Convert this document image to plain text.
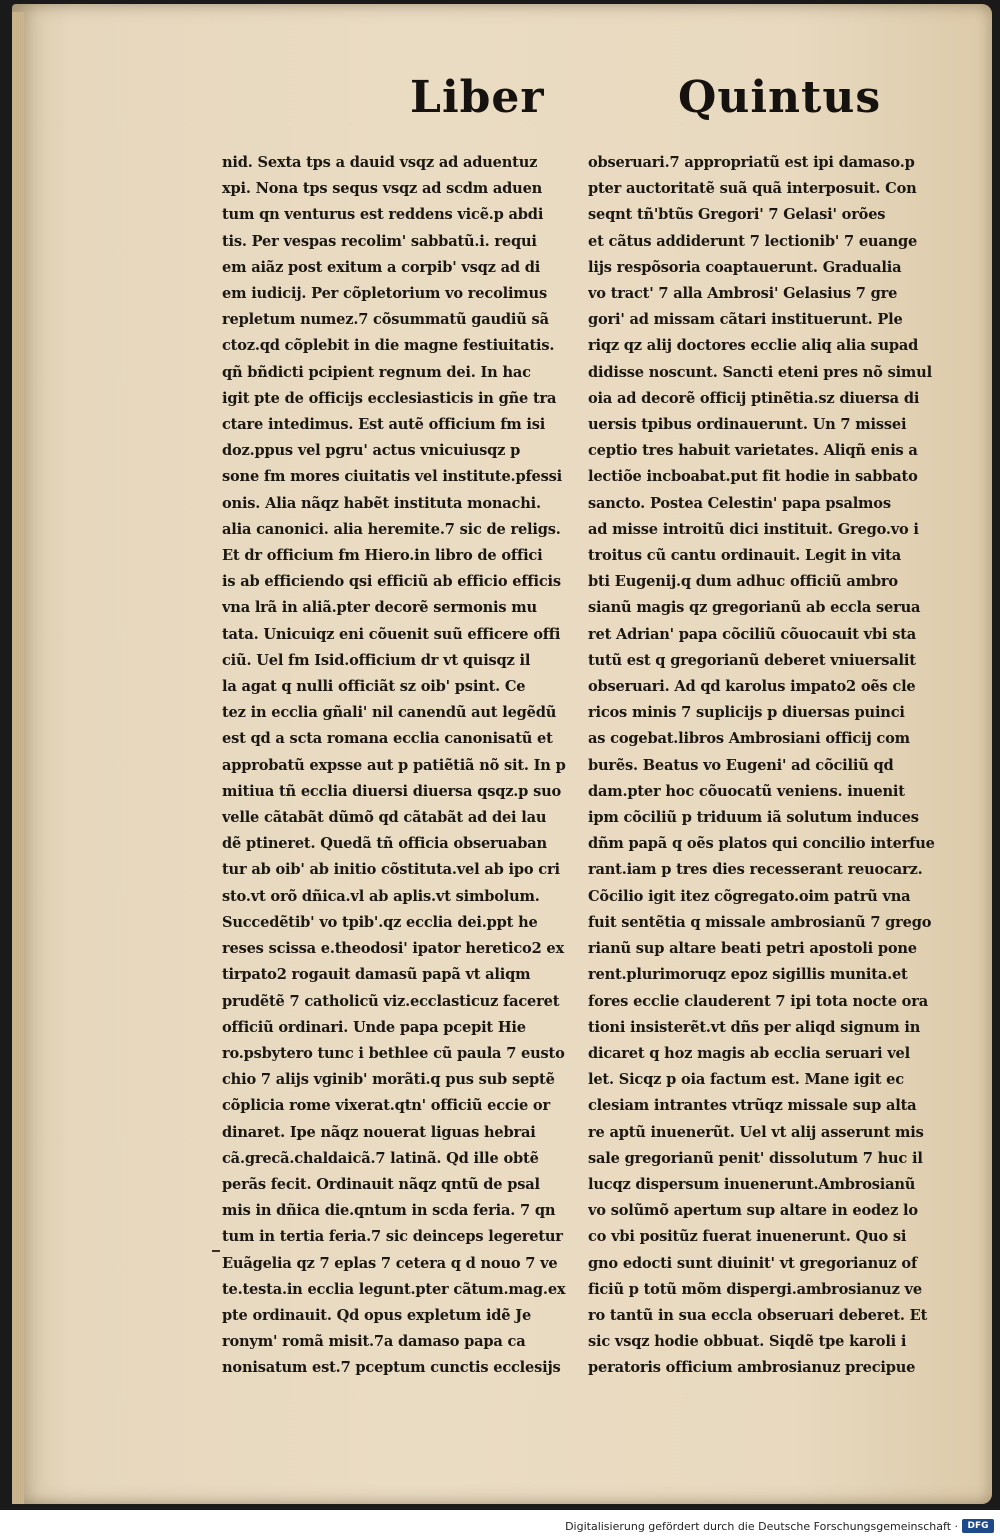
Liber	Quintus
nid. Sexta tps a dauid vsqz ad aduentuz
xpi. Nona tps sequs vsqz ad scdm aduen
tum qn venturus est reddens vicẽ.p abdi
tis. Per vespas recolim' sabbatũ.i. requi
em aiãz post exitum a corpib' vsqz ad di
em iudicij. Per cõpletorium vo recolimus
repletum numez.7 cõsummatũ gaudiũ sã
ctoz.qd cõplebit in die magne festiuitatis.
qñ bñdicti pcipient regnum dei. In hac
igit pte de officijs ecclesiasticis in gñe tra
ctare intedimus. Est autẽ officium fm isi
doz.ppus vel pgru' actus vnicuiusqz p
sone fm mores ciuitatis vel institute.pfessi
onis. Alia nãqz habẽt instituta monachi.
alia canonici. alia heremite.7 sic de religs.
Et dr officium fm Hiero.in libro de offici
is ab efficiendo qsi efficiũ ab efficio efficis
vna lrã in aliã.pter decorẽ sermonis mu
tata. Unicuiqz eni cõuenit suũ efficere offi
ciũ. Uel fm Isid.officium dr vt quisqz il
la agat q nulli officiãt sz oib' psint. Ce
tez in ecclia gñali' nil canendũ aut legẽdũ
est qd a scta romana ecclia canonisatũ et
approbatũ expsse aut p patiẽtiã nõ sit. In p
mitiua tñ ecclia diuersi diuersa qsqz.p suo
velle cãtabãt dũmõ qd cãtabãt ad dei lau
dẽ ptineret. Quedã tñ officia obseruaban
tur ab oib' ab initio cõstituta.vel ab ipo cri
sto.vt orõ dñica.vl ab aplis.vt simbolum.
Succedẽtib' vo tpib'.qz ecclia dei.ppt he
reses scissa e.theodosi' ipator heretico2 ex
tirpato2 rogauit damasũ papã vt aliqm
prudẽtẽ 7 catholicũ viz.ecclasticuz faceret
officiũ ordinari. Unde papa pcepit Hie
ro.psbytero tunc i bethlee cũ paula 7 eusto
chio 7 alijs vginib' morãti.q pus sub septẽ
cõplicia rome vixerat.qtn' officiũ eccie or
dinaret. Ipe nãqz nouerat liguas hebrai
cã.grecã.chaldaicã.7 latinã. Qd ille obtẽ
perãs fecit. Ordinauit nãqz qntũ de psal
mis in dñica die.qntum in scda feria. 7 qn
tum in tertia feria.7 sic deinceps legeretur
Euãgelia qz 7 eplas 7 cetera q d nouo 7 ve
te.testa.in ecclia legunt.pter cãtum.mag.ex
pte ordinauit. Qd opus expletum idẽ Je
ronym' romã misit.7a damaso papa ca
nonisatum est.7 pceptum cunctis ecclesijs
obseruari.7 appropriatũ est ipi damaso.p
pter auctoritatẽ suã quã interposuit. Con
seqnt tñ'btũs Gregori' 7 Gelasi' orões
et cãtus addiderunt 7 lectionib' 7 euange
lijs respõsoria coaptauerunt. Gradualia
vo tract' 7 alla Ambrosi' Gelasius 7 gre
gori' ad missam cãtari instituerunt. Ple
riqz qz alij doctores ecclie aliq alia supad
didisse noscunt. Sancti eteni pres nõ simul
oia ad decorẽ officij ptinẽtia.sz diuersa di
uersis tpibus ordinauerunt. Un 7 missei
ceptio tres habuit varietates. Aliqñ enis a
lectiõe incboabat.put fit hodie in sabbato
sancto. Postea Celestin' papa psalmos
ad misse introitũ dici instituit. Grego.vo i
troitus cũ cantu ordinauit. Legit in vita
bti Eugenij.q dum adhuc officiũ ambro
sianũ magis qz gregorianũ ab eccla serua
ret Adrian' papa cõciliũ cõuocauit vbi sta
tutũ est q gregorianũ deberet vniuersalit
obseruari. Ad qd karolus impato2 oẽs cle
ricos minis 7 suplicijs p diuersas puinci
as cogebat.libros Ambrosiani officij com
burẽs. Beatus vo Eugeni' ad cõciliũ qd
dam.pter hoc cõuocatũ veniens. inuenit
ipm cõciliũ p triduum iã solutum induces
dñm papã q oẽs platos qui concilio interfue
rant.iam p tres dies recesserant reuocarz.
Cõcilio igit itez cõgregato.oim patrũ vna
fuit sentẽtia q missale ambrosianũ 7 grego
rianũ sup altare beati petri apostoli pone
rent.plurimoruqz epoz sigillis munita.et
fores ecclie clauderent 7 ipi tota nocte ora
tioni insisterẽt.vt dñs per aliqd signum in
dicaret q hoz magis ab ecclia seruari vel
let. Sicqz p oia factum est. Mane igit ec
clesiam intrantes vtrũqz missale sup alta
re aptũ inuenerũt. Uel vt alij asserunt mis
sale gregorianũ penit' dissolutum 7 huc il
lucqz dispersum inuenerunt.Ambrosianũ
vo solũmõ apertum sup altare in eodez lo
co vbi positũz fuerat inuenerunt. Quo si
gno edocti sunt diuinit' vt gregorianuz of
ficiũ p totũ mõm dispergi.ambrosianuz ve
ro tantũ in sua eccla obseruari deberet. Et
sic vsqz hodie obbuat. Siqdẽ tpe karoli i
peratoris officium ambrosianuz precipue
Digitalisierung gefördert durch die Deutsche Forschungsgemeinschaft ·	DFG
